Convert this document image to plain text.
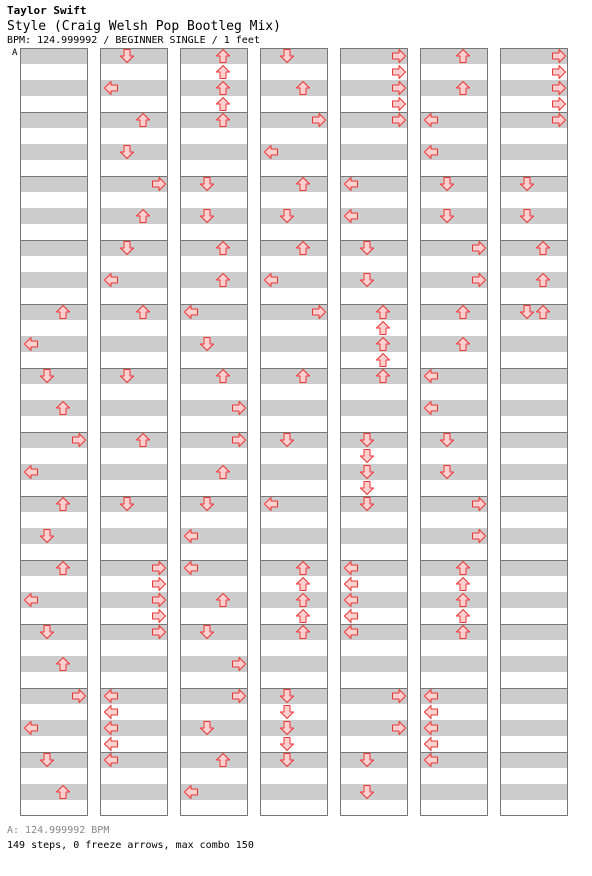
Taylor Swift
Style (Craig Welsh Pop Bootleg Mix)
BPM: 124.999992 / BEGINNER SINGLE / 1 feet
A
A: 124.999992 BPM
149 steps, 0 freeze arrows, max combo 150
